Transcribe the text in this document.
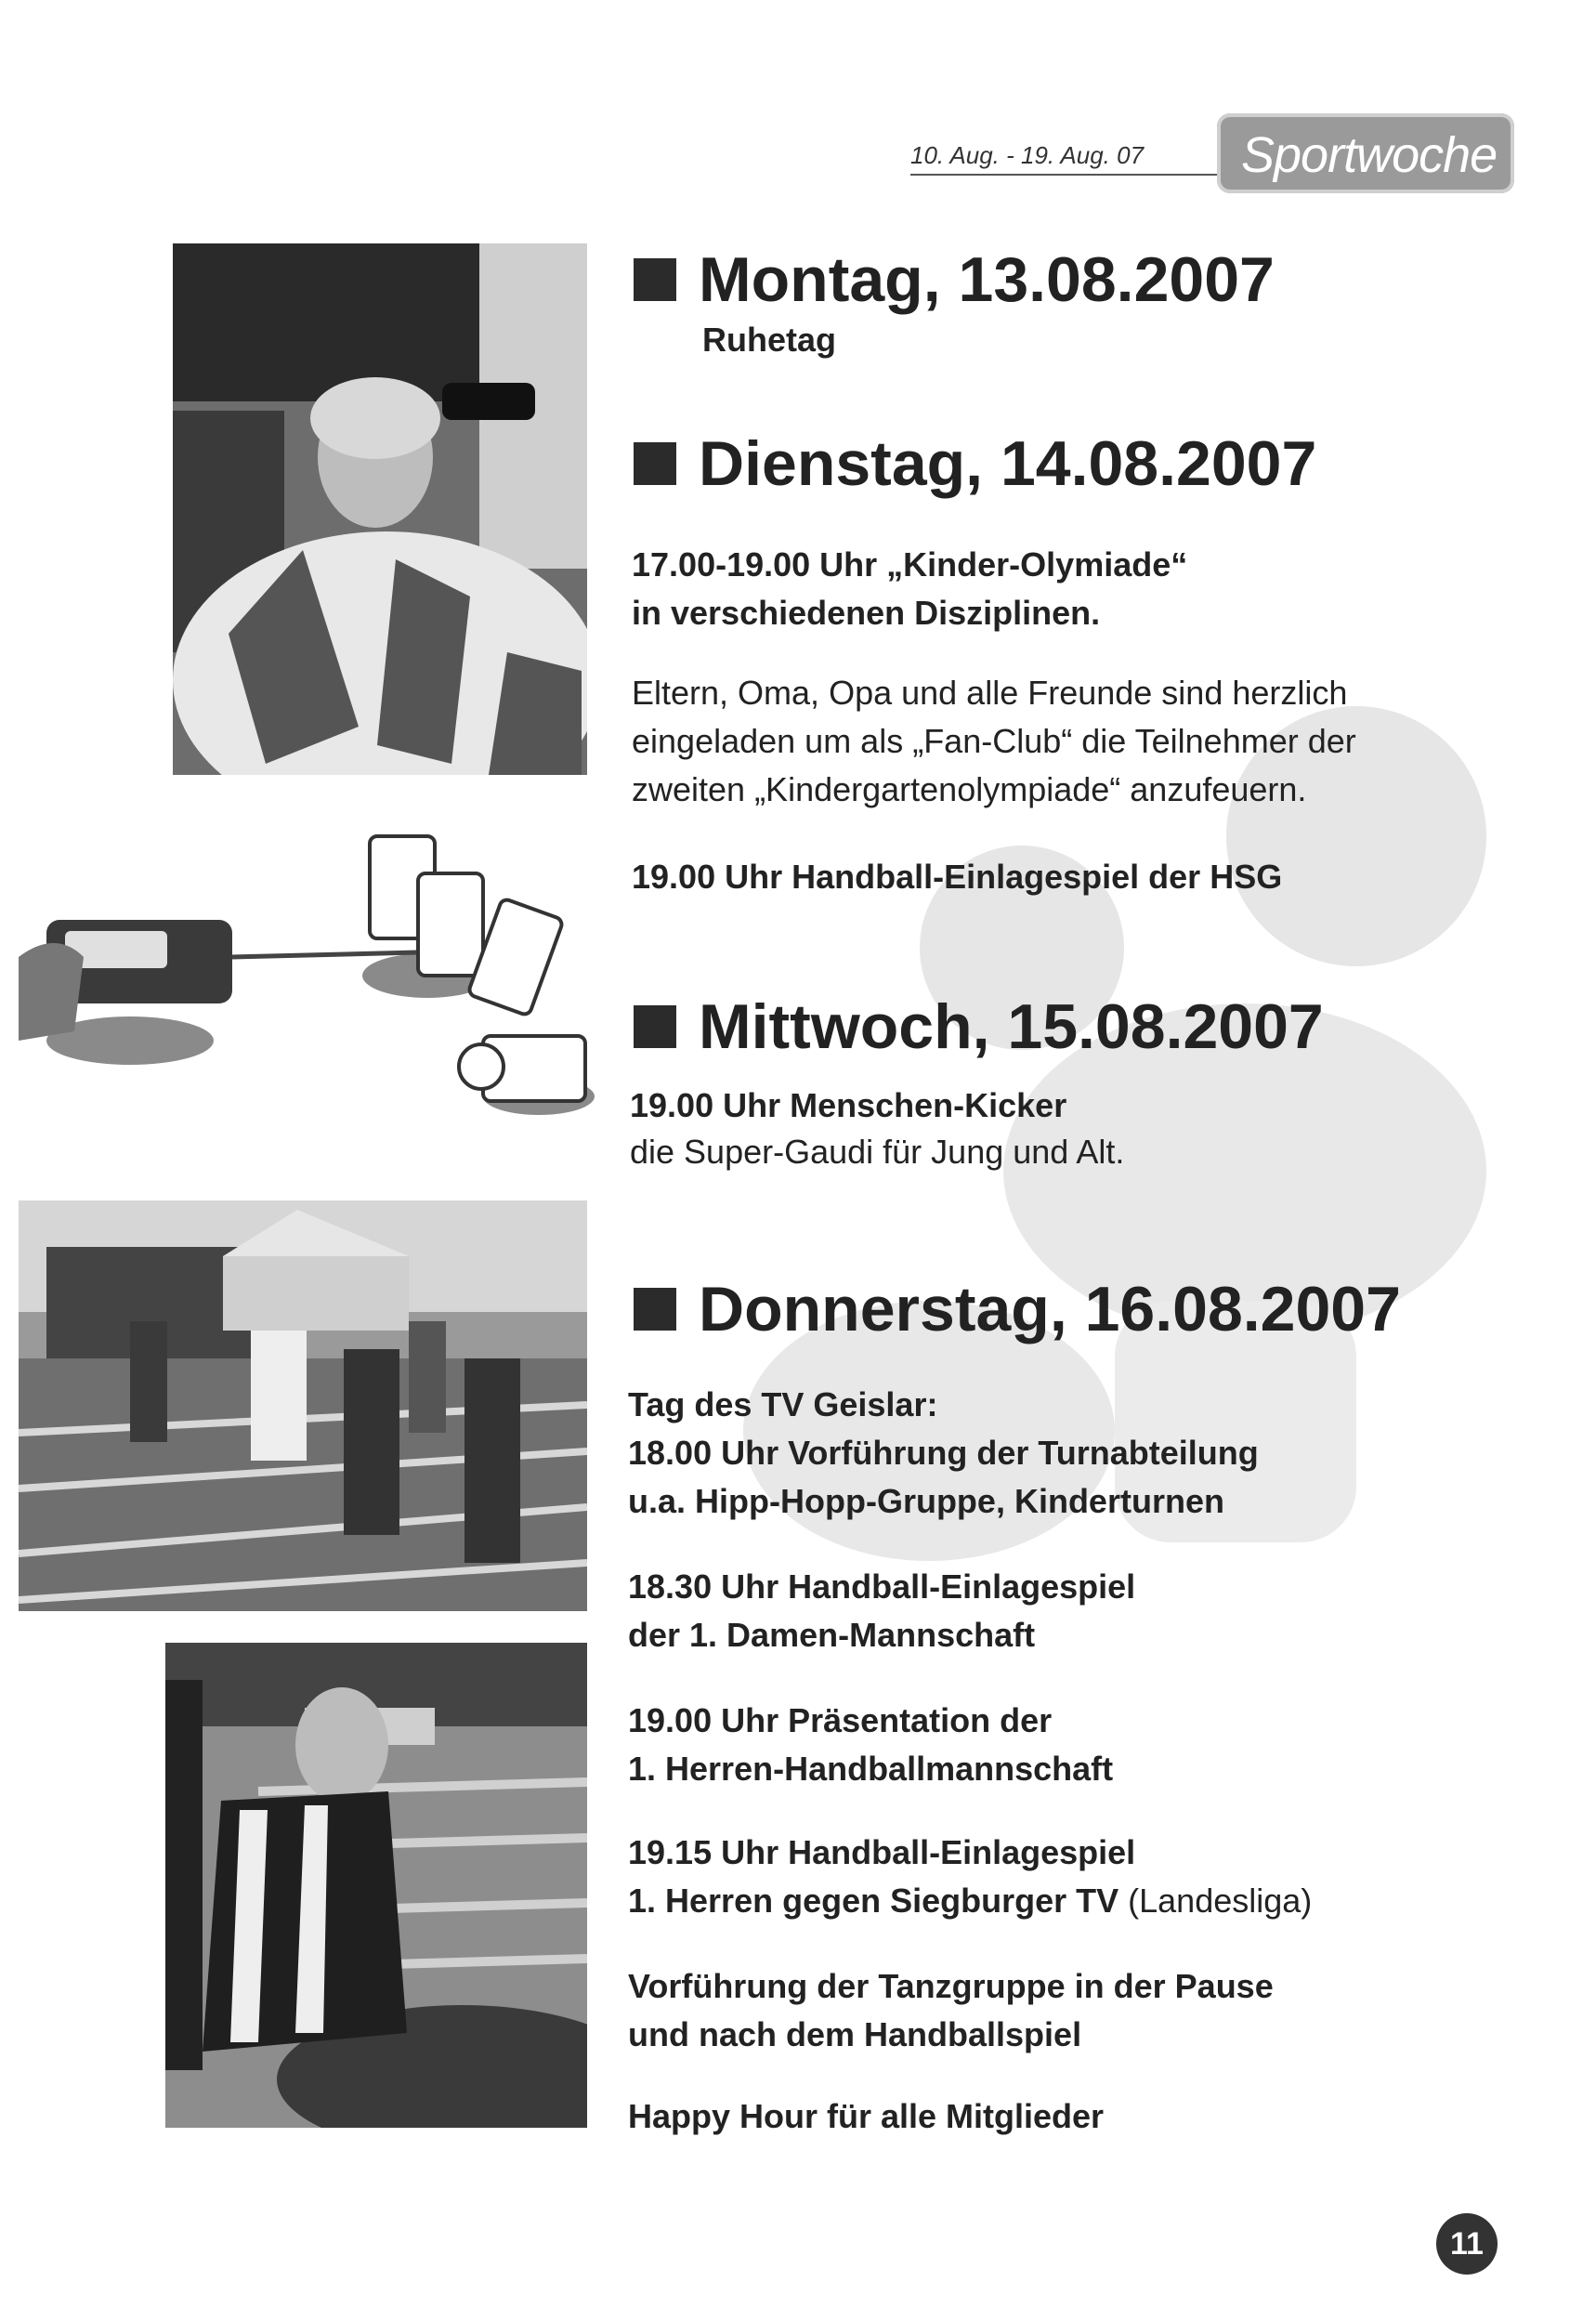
10. Aug. - 19. Aug. 07	Sportwoche
Montag, 13.08.2007
Ruhetag
Dienstag, 14.08.2007
17.00-19.00 Uhr „Kinder-Olymiade“
in verschiedenen Disziplinen.
Eltern, Oma, Opa und alle Freunde sind herzlich
eingeladen um als „Fan-Club“ die Teilnehmer der
zweiten „Kindergartenolympiade“ anzufeuern.
19.00 Uhr Handball-Einlagespiel der HSG
Mittwoch, 15.08.2007
19.00 Uhr Menschen-Kicker
die Super-Gaudi für Jung und Alt.
Donnerstag, 16.08.2007
Tag des TV Geislar:
18.00 Uhr Vorführung der Turnabteilung
u.a. Hipp-Hopp-Gruppe, Kinderturnen
18.30 Uhr Handball-Einlagespiel
der 1. Damen-Mannschaft
19.00 Uhr Präsentation der
1. Herren-Handballmannschaft
19.15 Uhr Handball-Einlagespiel
1. Herren gegen Siegburger TV (Landesliga)
Vorführung der Tanzgruppe in der Pause
und nach dem Handballspiel
Happy Hour für alle Mitglieder
11
